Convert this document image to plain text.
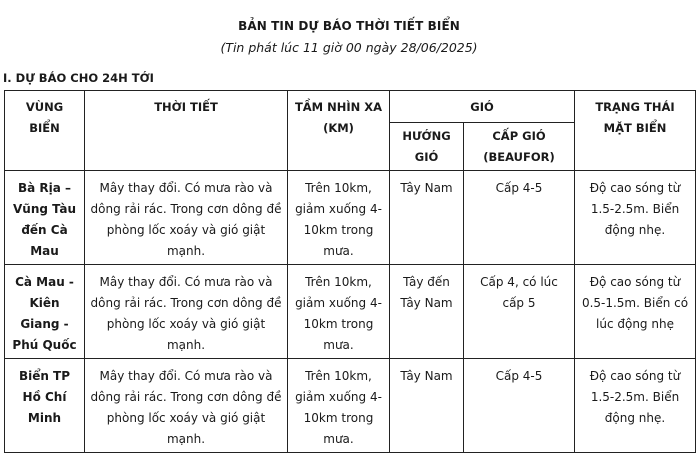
BẢN TIN DỰ BÁO THỜI TIẾT BIỂN
(Tin phát lúc 11 giờ 00 ngày 28/06/2025)
I. DỰ BÁO CHO 24H TỚI
VÙNG BIỂN	THỜI TIẾT	TẦM NHÌN XA (KM)	GIÓ		TRẠNG THÁI MẶT BIỂN
			HƯỚNG GIÓ	CẤP GIÓ (BEAUFOR)	
Bà Rịa – Vũng Tàu đến Cà Mau	Mây thay đổi. Có mưa rào và dông rải rác. Trong cơn dông đề phòng lốc xoáy và gió giật mạnh.	Trên 10km, giảm xuống 4-10km trong mưa.	Tây Nam	Cấp 4-5	Độ cao sóng từ 1.5-2.5m. Biển động nhẹ.
Cà Mau - Kiên Giang - Phú Quốc	Mây thay đổi. Có mưa rào và dông rải rác. Trong cơn dông đề phòng lốc xoáy và gió giật mạnh.	Trên 10km, giảm xuống 4-10km trong mưa.	Tây đến Tây Nam	Cấp 4, có lúc cấp 5	Độ cao sóng từ 0.5-1.5m. Biển có lúc động nhẹ
Biển TP Hồ Chí Minh	Mây thay đổi. Có mưa rào và dông rải rác. Trong cơn dông đề phòng lốc xoáy và gió giật mạnh.	Trên 10km, giảm xuống 4-10km trong mưa.	Tây Nam	Cấp 4-5	Độ cao sóng từ 1.5-2.5m. Biển động nhẹ.
